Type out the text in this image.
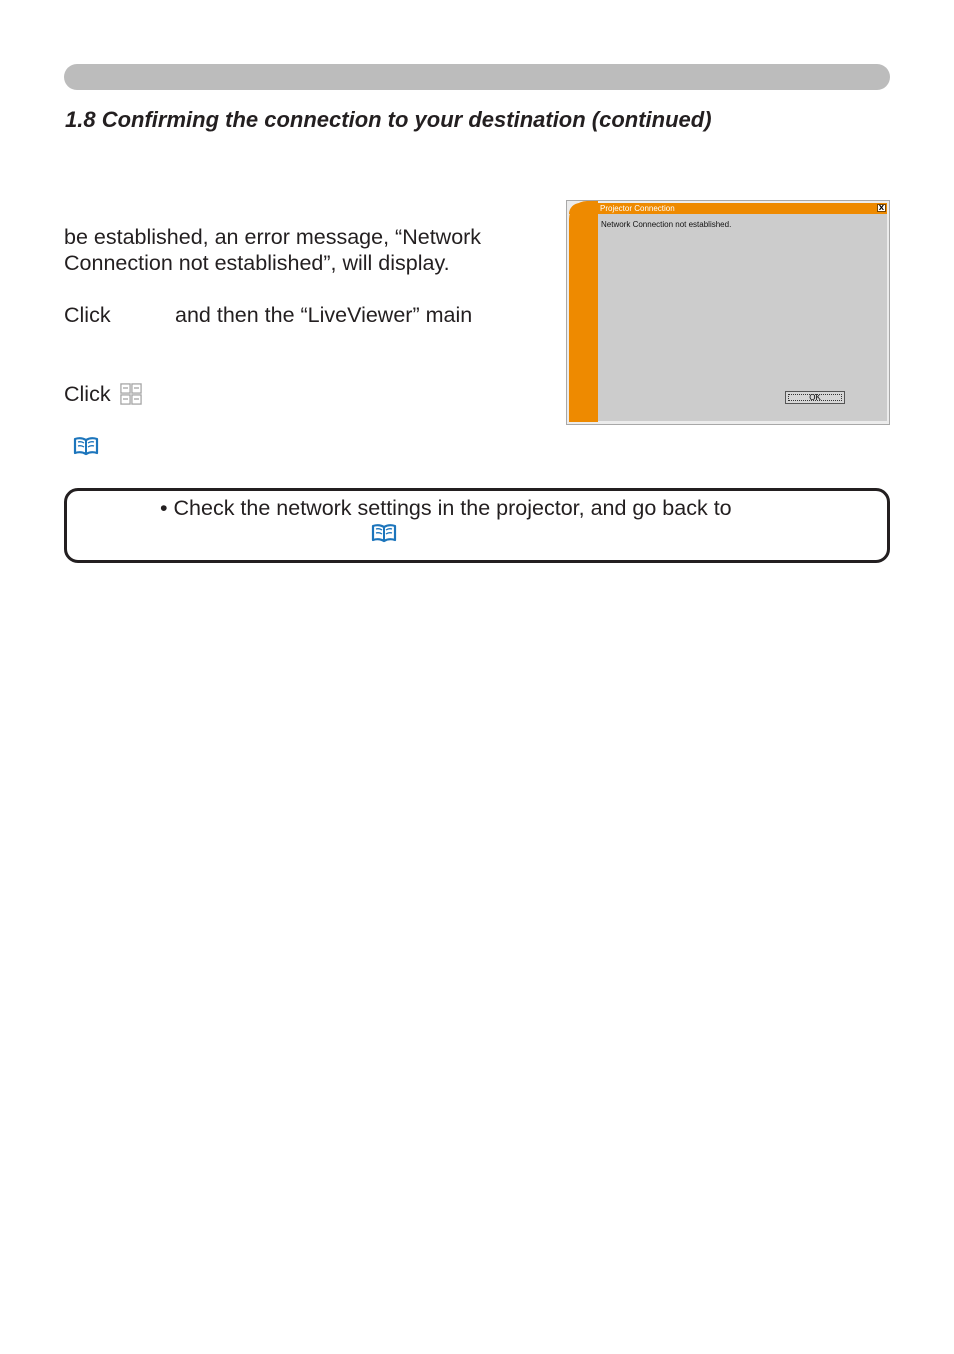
1.8 Confirming the connection to your destination (continued)

be established, an error message, “Network
Connection not established”, will display.

Click	and then the “LiveViewer” main

Click

Projector Connection	X
Network Connection not established.
OK

• Check the network settings in the projector, and go back to
